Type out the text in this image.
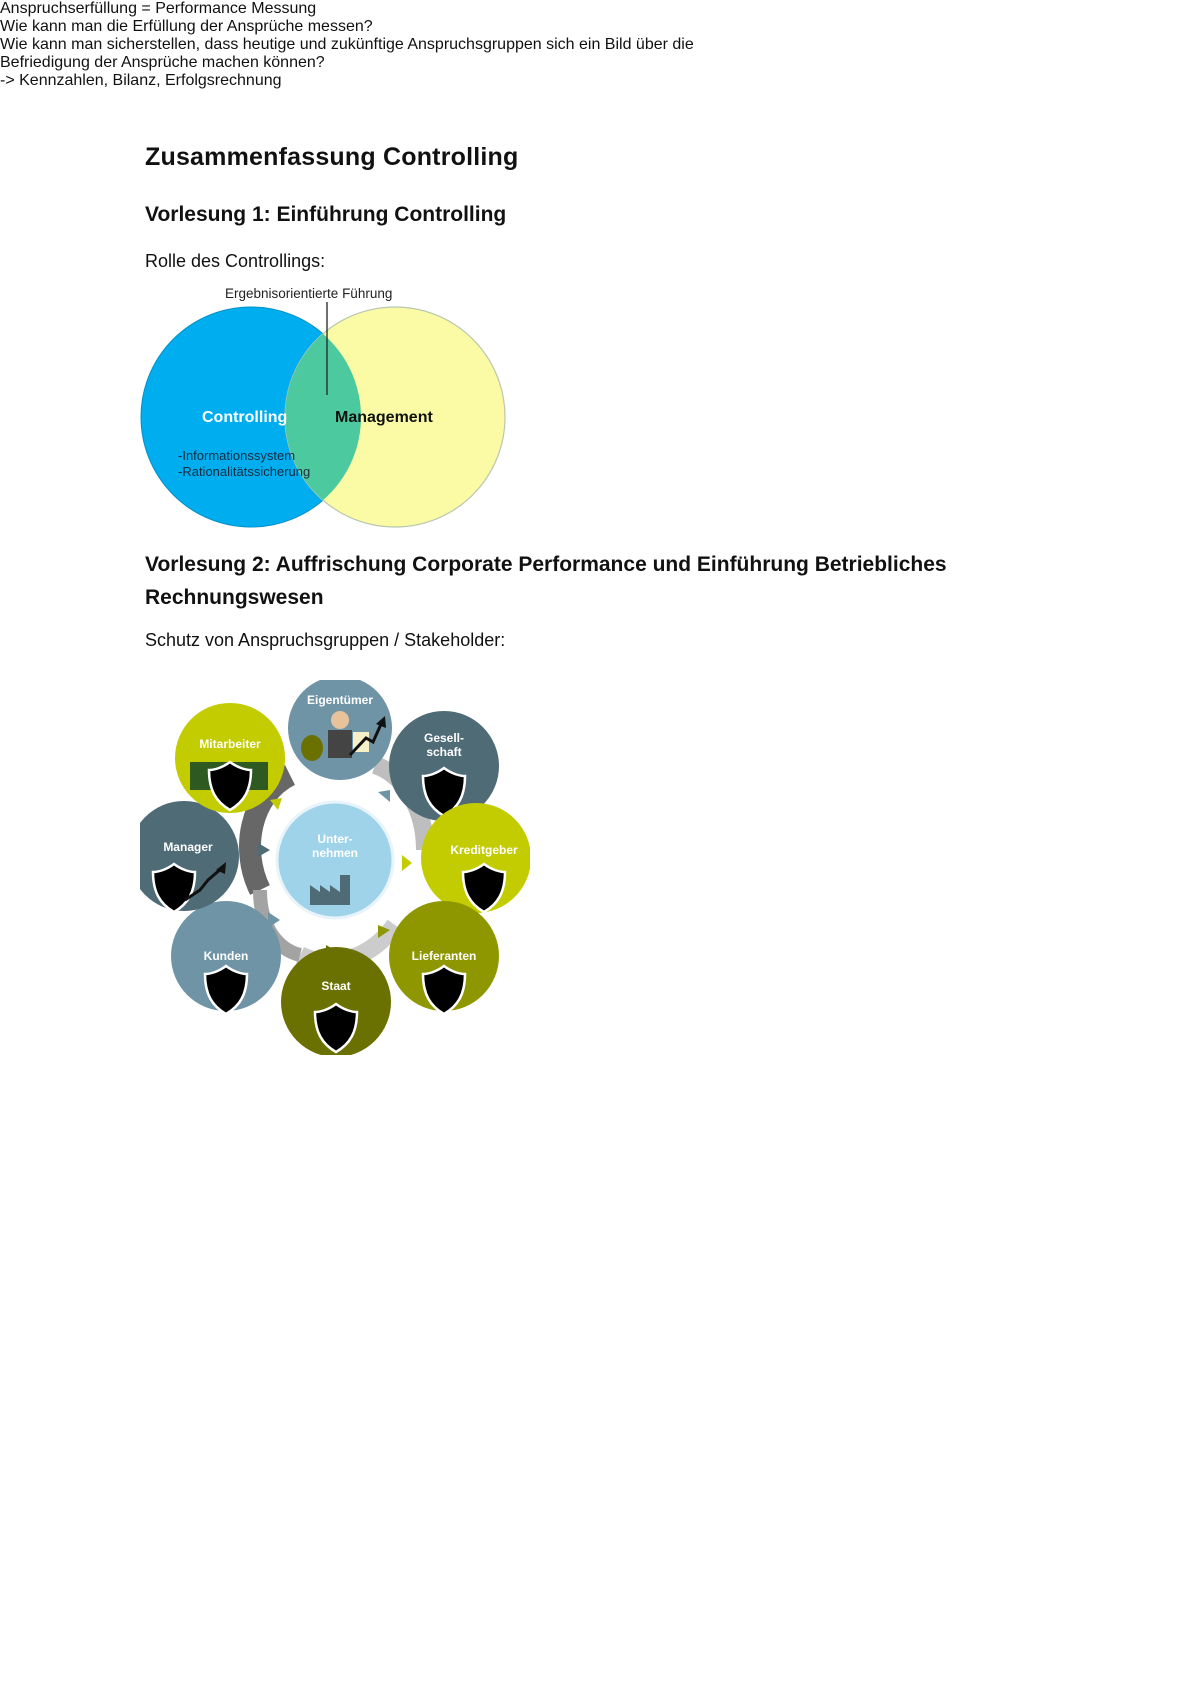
Zusammenfassung Controlling
Vorlesung 1: Einführung Controlling

Rolle des Controllings:

Ergebnisorientierte Führung
Controlling	Management
-Informationssystem
-Rationalitätssicherung
Vorlesung 2: Auffrischung Corporate Performance und Einführung Betriebliches Rechnungswesen

Schutz von Anspruchsgruppen / Stakeholder:

Unter-
nehmen
Eigentümer
Gesell-
schaft
Kreditgeber
Lieferanten
Staat
Kunden
Manager
Mitarbeiter

Anspruchserfüllung = Performance Messung
Wie kann man die Erfüllung der Ansprüche messen?
Wie kann man sicherstellen, dass heutige und zukünftige Anspruchsgruppen sich ein Bild über die
Befriedigung der Ansprüche machen können?
-> Kennzahlen, Bilanz, Erfolgsrechnung
